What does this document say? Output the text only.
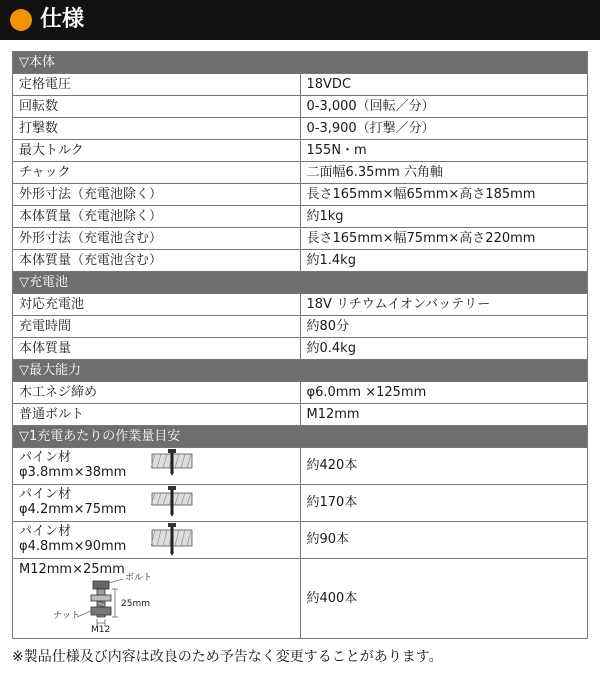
仕様
▽本体	
定格電圧	18VDC
回転数	0-3,000（回転／分）
打撃数	0-3,900（打撃／分）
最大トルク	155N・m
チャック	二面幅6.35mm 六角軸
外形寸法（充電池除く）	長さ165mm×幅65mm×高さ185mm
本体質量（充電池除く）	約1kg
外形寸法（充電池含む）	長さ165mm×幅75mm×高さ220mm
本体質量（充電池含む）	約1.4kg
▽充電池	
対応充電池	18V リチウムイオンバッテリー
充電時間	約80分
本体質量	約0.4kg
▽最大能力	
木工ネジ締め	φ6.0mm ×125mm
普通ボルト	M12mm
▽1充電あたりの作業量目安	

パイン材
φ3.8mm×38mm	約420本

パイン材
φ4.2mm×75mm	約170本

パイン材
φ4.8mm×90mm	約90本

M12mm×25mm
ボルト
25mm
ナット
M12	約400本
※製品仕様及び内容は改良のため予告なく変更することがあります。
